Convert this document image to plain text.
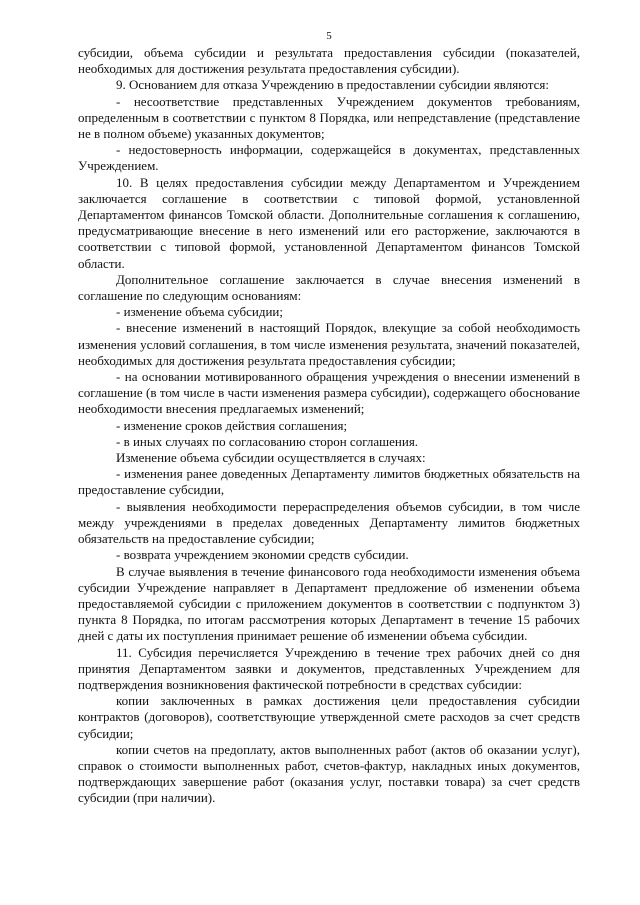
5

субсидии, объема субсидии и результата предоставления субсидии (показателей, необходимых для достижения результата предоставления субсидии).

9. Основанием для отказа Учреждению в предоставлении субсидии являются:

- несоответствие представленных Учреждением документов требованиям, определенным в соответствии с пунктом 8 Порядка, или непредставление (представление не в полном объеме) указанных документов;

- недостоверность информации, содержащейся в документах, представленных Учреждением.

10. В целях предоставления субсидии между Департаментом и Учреждением заключается соглашение в соответствии с типовой формой, установленной Департаментом финансов Томской области. Дополнительные соглашения к соглашению, предусматривающие внесение в него изменений или его расторжение, заключаются в соответствии с типовой формой, установленной Департаментом финансов Томской области.

Дополнительное соглашение заключается в случае внесения изменений в соглашение по следующим основаниям:

- изменение объема субсидии;

- внесение изменений в настоящий Порядок, влекущие за собой необходимость изменения условий соглашения, в том числе изменения результата, значений показателей, необходимых для достижения результата предоставления субсидии;

- на основании мотивированного обращения учреждения о внесении изменений в соглашение (в том числе в части изменения размера субсидии), содержащего обоснование необходимости внесения предлагаемых изменений;

- изменение сроков действия соглашения;

- в иных случаях по согласованию сторон соглашения.

Изменение объема субсидии осуществляется в случаях:

- изменения ранее доведенных Департаменту лимитов бюджетных обязательств на предоставление субсидии,

- выявления необходимости перераспределения объемов субсидии, в том числе между учреждениями в пределах доведенных Департаменту лимитов бюджетных обязательств на предоставление субсидии;

- возврата учреждением экономии средств субсидии.

В случае выявления в течение финансового года необходимости изменения объема субсидии Учреждение направляет в Департамент предложение об изменении объема предоставляемой субсидии с приложением документов в соответствии с подпунктом 3) пункта 8 Порядка, по итогам рассмотрения которых Департамент в течение 15 рабочих дней с даты их поступления принимает решение об изменении объема субсидии.

11. Субсидия перечисляется Учреждению в течение трех рабочих дней со дня принятия Департаментом заявки и документов, представленных Учреждением для подтверждения возникновения фактической потребности в средствах субсидии:

копии заключенных в рамках достижения цели предоставления субсидии контрактов (договоров), соответствующие утвержденной смете расходов за счет средств субсидии;

копии счетов на предоплату, актов выполненных работ (актов об оказании услуг), справок о стоимости выполненных работ, счетов-фактур, накладных иных документов, подтверждающих завершение работ (оказания услуг, поставки товара) за счет средств субсидии (при наличии).
